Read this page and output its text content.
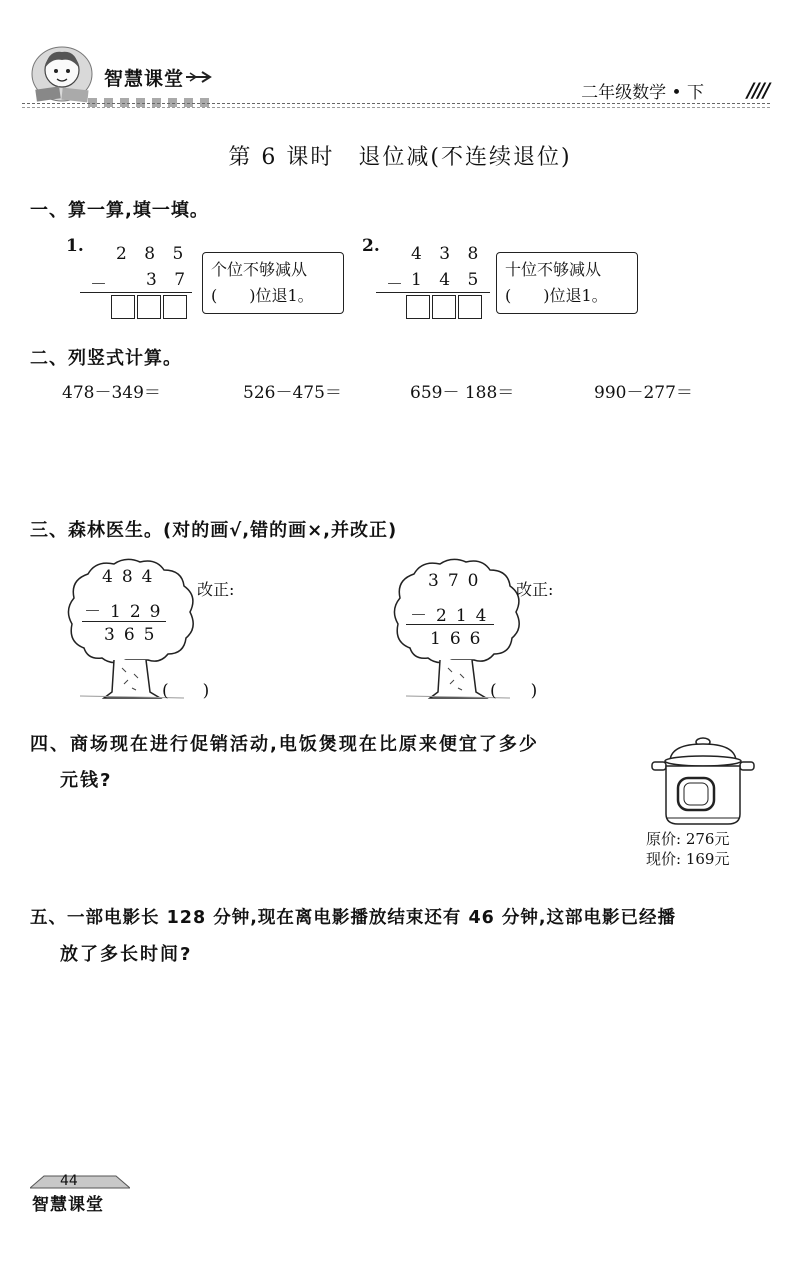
智慧课堂
二年级数学 • 下 ////
第 6 课时　退位减(不连续退位)
一、算一算,填一填。
1. 2 8 5
－ 3 7
个位不够减从
(　　)位退1。
2. 4 3 8
－ 1 4 5
十位不够减从
(　　)位退1。
二、列竖式计算。
478－349＝	526－475＝	659－ 188＝	990－277＝
三、森林医生。(对的画√,错的画×,并改正)
484
－129
365
改正:
(　　)
370
－214
166
改正:
(　　)
四、商场现在进行促销活动,电饭煲现在比原来便宜了多少
元钱?
原价: 276元
现价: 169元
五、一部电影长 128 分钟,现在离电影播放结束还有 46 分钟,这部电影已经播
放了多长时间?
44
智慧课堂
